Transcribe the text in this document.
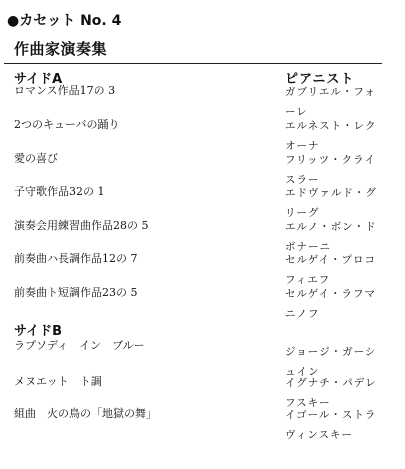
●カセット No. 4
作曲家演奏集
サイドA	ピアニスト
ロマンス作品17の 3	ガブリエル・フォ
ーレ
2つのキューバの踊り	エルネスト・レク
オーナ
愛の喜び	フリッツ・クライ
スラー
子守歌作品32の 1	エドヴァルド・グ
リーグ
演奏会用練習曲作品28の 5	エルノ・ボン・ド
ボナーニ
前奏曲ハ長調作品12の 7	セルゲイ・プロコ
フィエフ
前奏曲ト短調作品23の 5	セルゲイ・ラフマ
ニノフ
サイドB
ラプソディ　イン　ブルー	ジョージ・ガーシ
ュイン
メヌエット　ト調	イグナチ・パデレ
フスキー
組曲　火の鳥の「地獄の舞」	イゴール・ストラ
ヴィンスキー
